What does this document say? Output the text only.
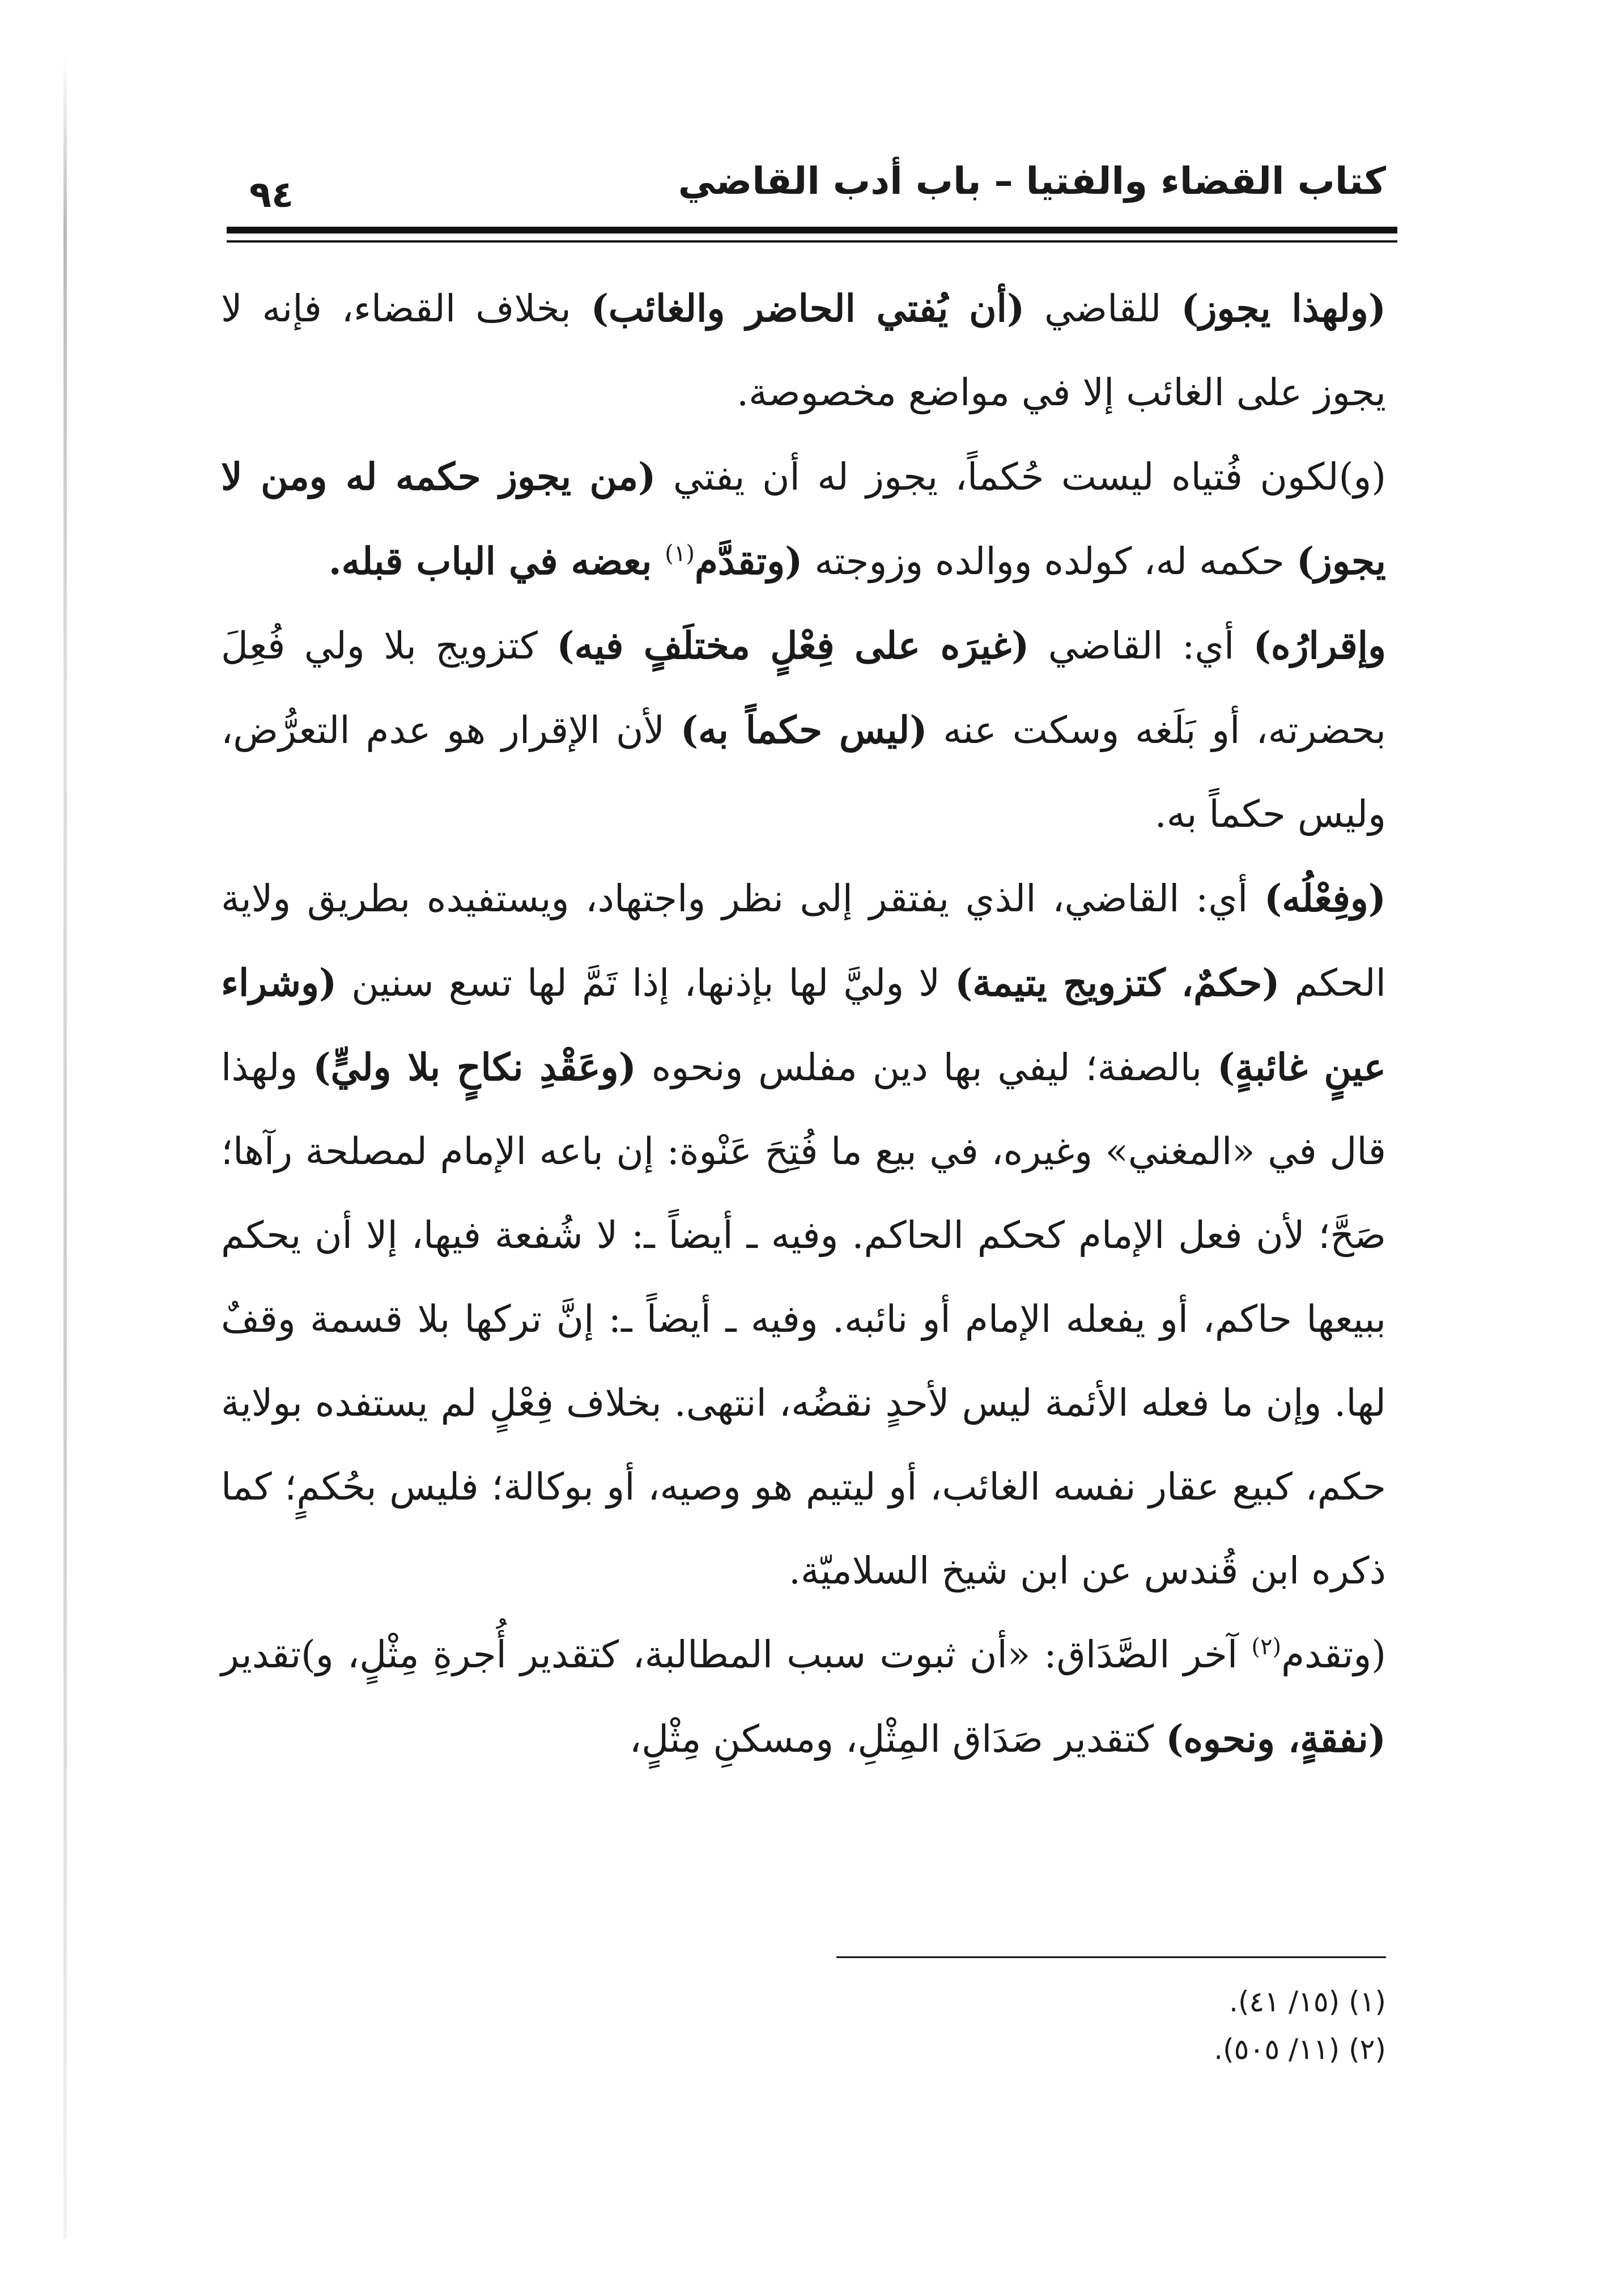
كتاب القضاء والفتيا – باب أدب القاضي
٩٤

(ولهذا يجوز) للقاضي (أن يُفتي الحاضر والغائب) بخلاف القضاء، فإنه لا يجوز على الغائب إلا في مواضع مخصوصة.

(و)لكون فُتياه ليست حُكماً، يجوز له أن يفتي (من يجوز حكمه له ومن لا يجوز) حكمه له، كولده ووالده وزوجته (وتقدَّم$^{(١)}$ بعضه في الباب قبله.

وإقرارُه) أي: القاضي (غيرَه على فِعْلٍ مختلَفٍ فيه) كتزويج بلا ولي فُعِلَ بحضرته، أو بَلَغه وسكت عنه (ليس حكماً به) لأن الإقرار هو عدم التعرُّض، وليس حكماً به.

(وفِعْلُه) أي: القاضي، الذي يفتقر إلى نظر واجتهاد، ويستفيده بطريق ولاية الحكم (حكمٌ، كتزويج يتيمة) لا وليَّ لها بإذنها، إذا تَمَّ لها تسع سنين (وشراء عينٍ غائبةٍ) بالصفة؛ ليفي بها دين مفلس ونحوه (وعَقْدِ نكاحٍ بلا وليٍّ) ولهذا قال في «المغني» وغيره، في بيع ما فُتِحَ عَنْوة: إن باعه الإمام لمصلحة رآها؛ صَحَّ؛ لأن فعل الإمام كحكم الحاكم. وفيه ـ أيضاً ـ: لا شُفعة فيها، إلا أن يحكم ببيعها حاكم، أو يفعله الإمام أو نائبه. وفيه ـ أيضاً ـ: إنَّ تركها بلا قسمة وقفٌ لها. وإن ما فعله الأئمة ليس لأحدٍ نقضُه، انتهى. بخلاف فِعْلٍ لم يستفده بولاية حكم، كبيع عقار نفسه الغائب، أو ليتيم هو وصيه، أو بوكالة؛ فليس بحُكمٍ؛ كما ذكره ابن قُندس عن ابن شيخ السلاميّة.

(وتقدم$^{(٢)}$ آخر الصَّدَاق: «أن ثبوت سبب المطالبة، كتقدير أُجرةِ مِثْلٍ، و)تقدير (نفقةٍ، ونحوه) كتقدير صَدَاق المِثْلِ، ومسكنِ مِثْلٍ،

(١) (١٥/ ٤١).
(٢) (١١/ ٥٠٥).
